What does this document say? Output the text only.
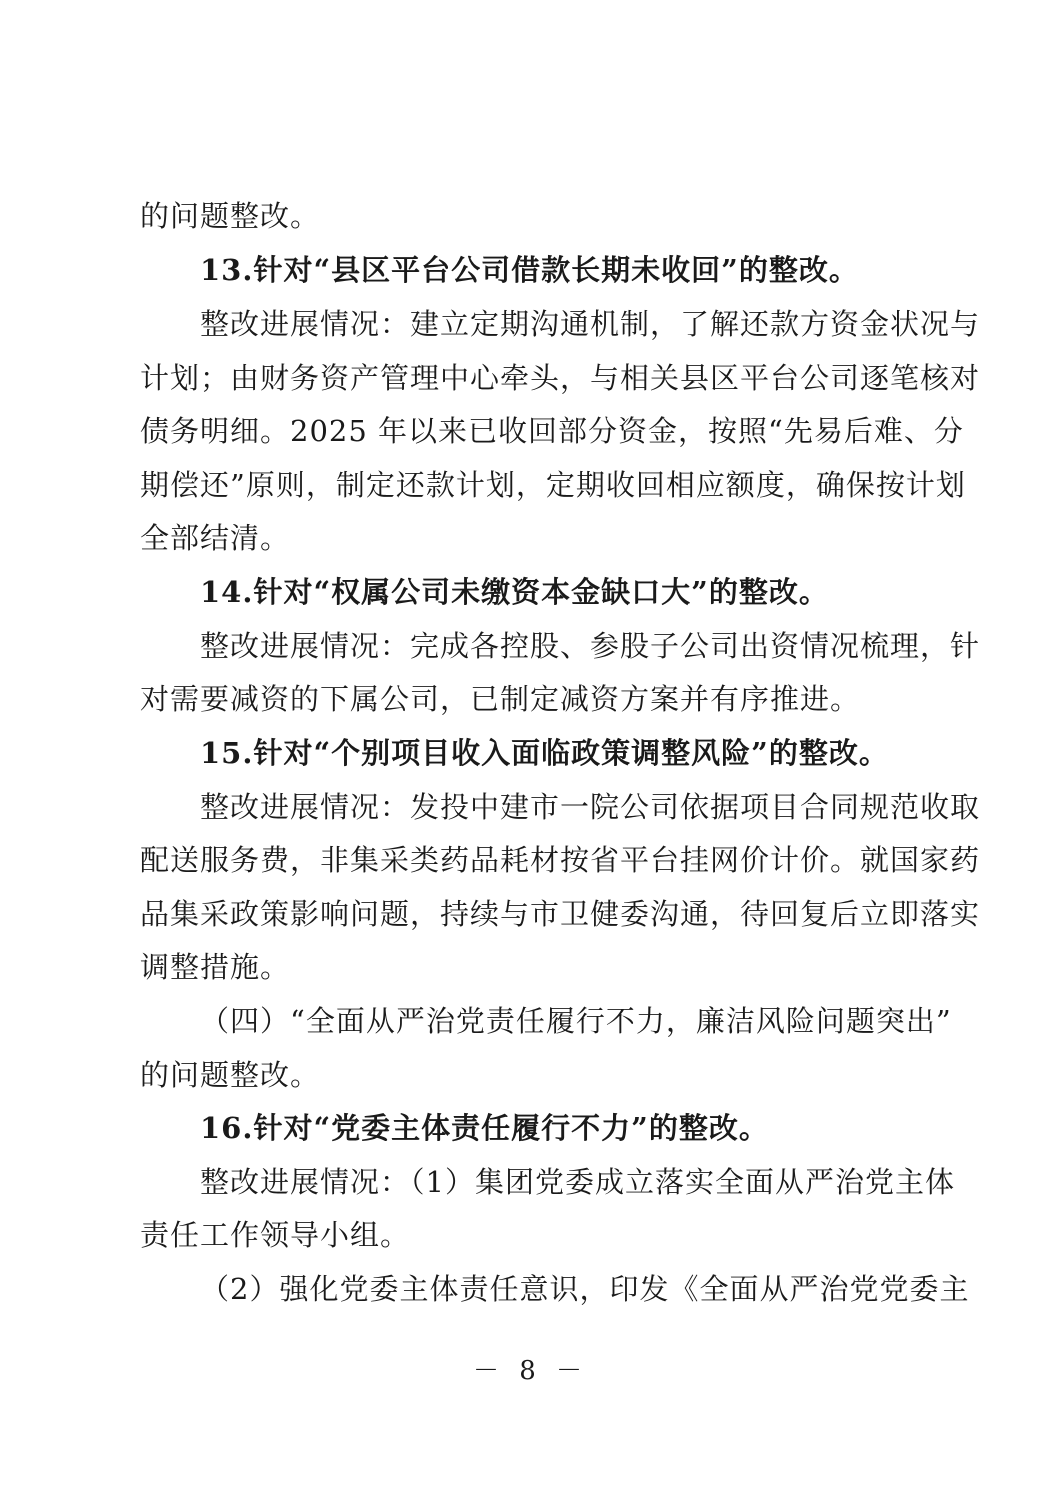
的问题整改。
13.针对“县区平台公司借款长期未收回”的整改。
整改进展情况：建立定期沟通机制，了解还款方资金状况与
计划；由财务资产管理中心牵头，与相关县区平台公司逐笔核对
债务明细。2025 年以来已收回部分资金，按照“先易后难、分
期偿还”原则，制定还款计划，定期收回相应额度，确保按计划
全部结清。
14.针对“权属公司未缴资本金缺口大”的整改。
整改进展情况：完成各控股、参股子公司出资情况梳理，针
对需要减资的下属公司，已制定减资方案并有序推进。
15.针对“个别项目收入面临政策调整风险”的整改。
整改进展情况：发投中建市一院公司依据项目合同规范收取
配送服务费，非集采类药品耗材按省平台挂网价计价。就国家药
品集采政策影响问题，持续与市卫健委沟通，待回复后立即落实
调整措施。
（四）“全面从严治党责任履行不力，廉洁风险问题突出”
的问题整改。
16.针对“党委主体责任履行不力”的整改。
整改进展情况：（1）集团党委成立落实全面从严治党主体
责任工作领导小组。
（2）强化党委主体责任意识，印发《全面从严治党党委主
－ 8 －
